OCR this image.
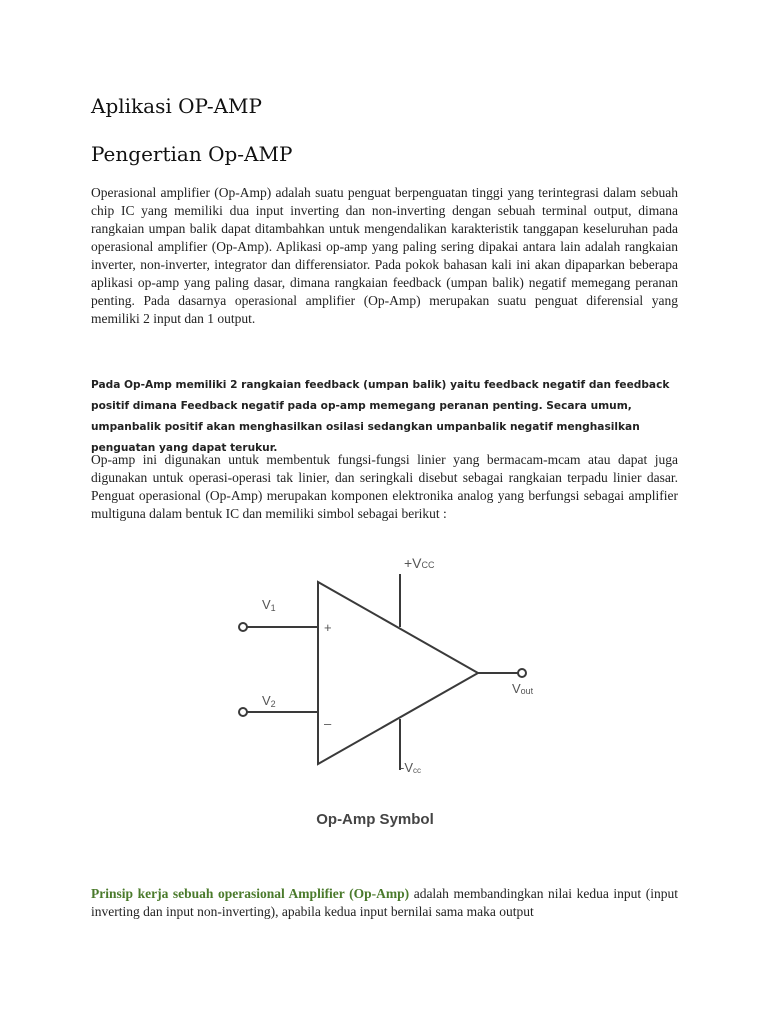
Aplikasi OP-AMP
Pengertian Op-AMP

Operasional amplifier (Op-Amp) adalah suatu penguat berpenguatan tinggi yang terintegrasi dalam sebuah chip IC yang memiliki dua input inverting dan non-inverting dengan sebuah terminal output, dimana rangkaian umpan balik dapat ditambahkan untuk mengendalikan karakteristik tanggapan keseluruhan pada operasional amplifier (Op-Amp). Aplikasi op-amp yang paling sering dipakai antara lain adalah rangkaian inverter, non-inverter, integrator dan differensiator. Pada pokok bahasan kali ini akan dipaparkan beberapa aplikasi op-amp yang paling dasar, dimana rangkaian feedback (umpan balik) negatif memegang peranan penting. Pada dasarnya operasional amplifier (Op-Amp) merupakan suatu penguat diferensial yang memiliki 2 input dan 1 output.

Pada Op-Amp memiliki 2 rangkaian feedback (umpan balik) yaitu feedback negatif dan feedback positif dimana Feedback negatif pada op-amp memegang peranan penting. Secara umum, umpanbalik positif akan menghasilkan osilasi sedangkan umpanbalik negatif menghasilkan penguatan yang dapat terukur.

Op-amp ini digunakan untuk membentuk fungsi-fungsi linier yang bermacam-mcam atau dapat juga digunakan untuk operasi-operasi tak linier, dan seringkali disebut sebagai rangkaian terpadu linier dasar. Penguat operasional (Op-Amp) merupakan komponen elektronika analog yang berfungsi sebagai amplifier multiguna dalam bentuk IC dan memiliki simbol sebagai berikut :

Prinsip kerja sebuah operasional Amplifier (Op-Amp) adalah membandingkan nilai kedua input (input inverting dan input non-inverting), apabila kedua input bernilai sama maka output

+VCC
V1
V2
+
–
Vout
-Vcc
Op-Amp Symbol
